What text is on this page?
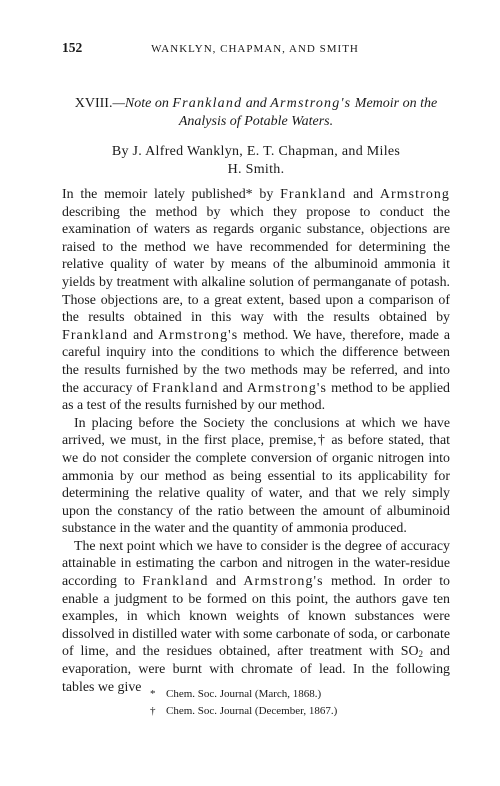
152	WANKLYN, CHAPMAN, AND SMITH
XVIII.—Note on Frankland and Armstrong's Memoir on the
Analysis of Potable Waters.
By J. Alfred Wanklyn, E. T. Chapman, and Miles
H. Smith.

In the memoir lately published* by Frankland and Armstrong describing the method by which they propose to conduct the examination of waters as regards organic substance, objections are raised to the method we have recommended for determining the relative quality of water by means of the albuminoid ammonia it yields by treatment with alkaline solution of permanganate of potash. Those objections are, to a great extent, based upon a comparison of the results obtained in this way with the results obtained by Frankland and Armstrong's method. We have, therefore, made a careful inquiry into the conditions to which the difference between the results furnished by the two methods may be referred, and into the accuracy of Frankland and Armstrong's method to be applied as a test of the results furnished by our method.

In placing before the Society the conclusions at which we have arrived, we must, in the first place, premise,† as before stated, that we do not consider the complete conversion of organic nitrogen into ammonia by our method as being essential to its applicability for determining the relative quality of water, and that we rely simply upon the constancy of the ratio between the amount of albuminoid substance in the water and the quantity of ammonia produced.

The next point which we have to consider is the degree of accuracy attainable in estimating the carbon and nitrogen in the water-residue according to Frankland and Armstrong's method. In order to enable a judgment to be formed on this point, the authors gave ten examples, in which known weights of known substances were dissolved in distilled water with some carbonate of soda, or carbonate of lime, and the residues obtained, after treatment with $SO_2$ and evaporation, were burnt with chromate of lead. In the following tables we give * Chem. Soc. Journal (March, 1868.)
† Chem. Soc. Journal (December, 1867.)
